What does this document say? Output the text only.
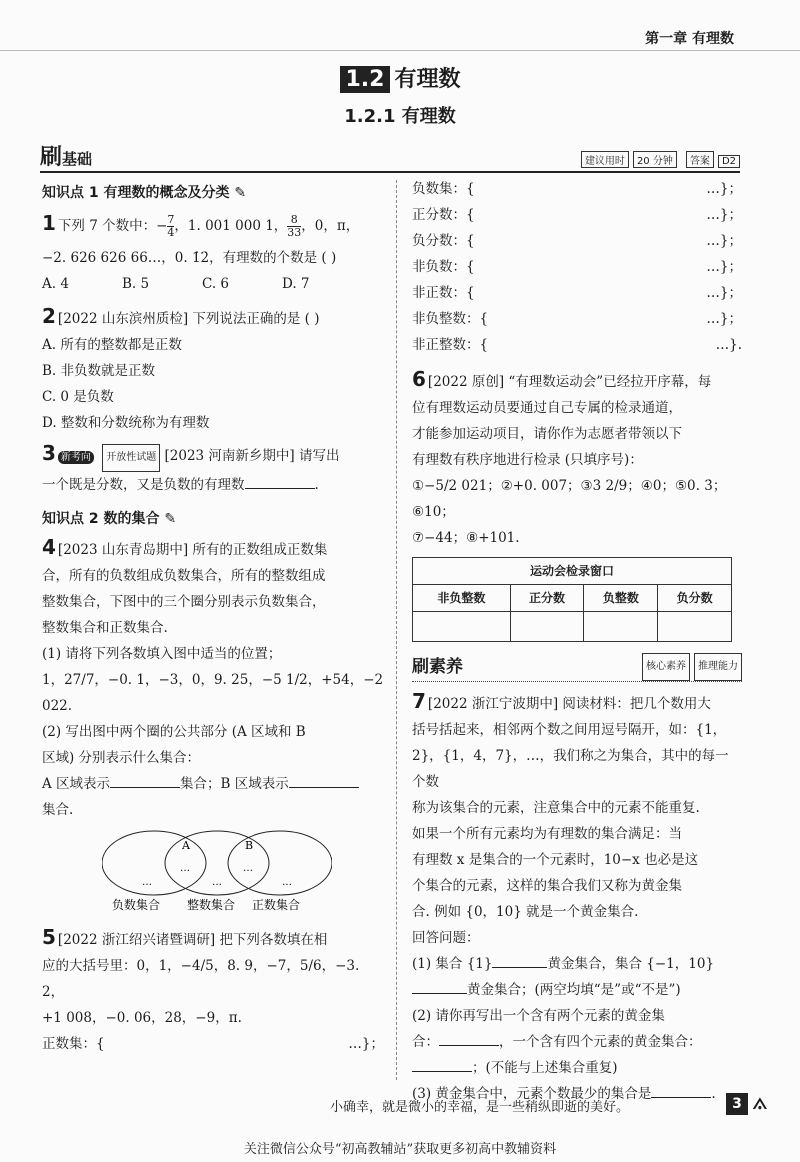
第一章 有理数
1.2 有理数
1.2.1 有理数
刷基础	建议用时 20 分钟 答案 D2
知识点 1 有理数的概念及分类 ✎
1 下列 7 个数中：− $\frac{7}{4}$ ，1. 001 000 1， $\frac{8}{33}$ ，0，π，
−2. 626 626 66…，0. 1̇2̇，有理数的个数是 ( )
A. 4	B. 5	C. 6	D. 7
2 [2022 山东滨州质检] 下列说法正确的是 ( )
A. 所有的整数都是正数
B. 非负数就是正数
C. 0 是负数
D. 整数和分数统称为有理数
3 新考向 开放性试题 [2023 河南新乡期中] 请写出
一个既是分数，又是负数的有理数	.
知识点 2 数的集合 ✎
4 [2023 山东青岛期中] 所有的正数组成正数集
合，所有的负数组成负数集合，所有的整数组成
整数集合，下图中的三个圈分别表示负数集合，
整数集合和正数集合.
(1) 请将下列各数填入图中适当的位置；
1，27/7，−0. 1，−3，0，9. 25，−5 1/2，+54，−2 022.
(2) 写出图中两个圈的公共部分 (A 区域和 B
区域) 分别表示什么集合：
A 区域表示	集合；B 区域表示
集合.
A	B
…	…
…	…	…
负数集合 整数集合 正数集合
5 [2022 浙江绍兴诸暨调研] 把下列各数填在相
应的大括号里：0，1，−4/5，8. 9，−7，5/6，−3. 2，
+1 008，−0. 06，28，−9，π.
正数集：{	…}；
负数集：{	…}；
正分数：{	…}；
负分数：{	…}；
非负数：{	…}；
非正数：{	…}；
非负整数：{	…}；
非正整数：{	…}.
6 [2022 原创] “有理数运动会”已经拉开序幕，每
位有理数运动员要通过自己专属的检录通道，
才能参加运动项目，请你作为志愿者带领以下
有理数有秩序地进行检录 (只填序号)：
①−5/2 021；②+0. 007；③3 2/9；④0；⑤0. 3̇；⑥10；
⑦−44；⑧+101.
运动会检录窗口			
非负整数	正分数	负整数	负分数

刷素养	核心素养 推理能力
7 [2022 浙江宁波期中] 阅读材料：把几个数用大
括号括起来，相邻两个数之间用逗号隔开，如：{1，
2}，{1，4，7}，…，我们称之为集合，其中的每一个数
称为该集合的元素，注意集合中的元素不能重复.
如果一个所有元素均为有理数的集合满足：当
有理数 x 是集合的一个元素时，10−x 也必是这
个集合的元素，这样的集合我们又称为黄金集
合. 例如 {0，10} 就是一个黄金集合.
回答问题：
(1) 集合 {1}	黄金集合，集合 {−1，10}
黄金集合；(两空均填“是”或“不是”)
(2) 请你再写出一个含有两个元素的黄金集
合：	，一个含有四个元素的黄金集合：
；(不能与上述集合重复)
(3) 黄金集合中，元素个数最少的集合是	.
小确幸，就是微小的幸福，是一些稍纵即逝的美好。	3 ⟑
关注微信公众号“初高教辅站”获取更多初高中教辅资料
